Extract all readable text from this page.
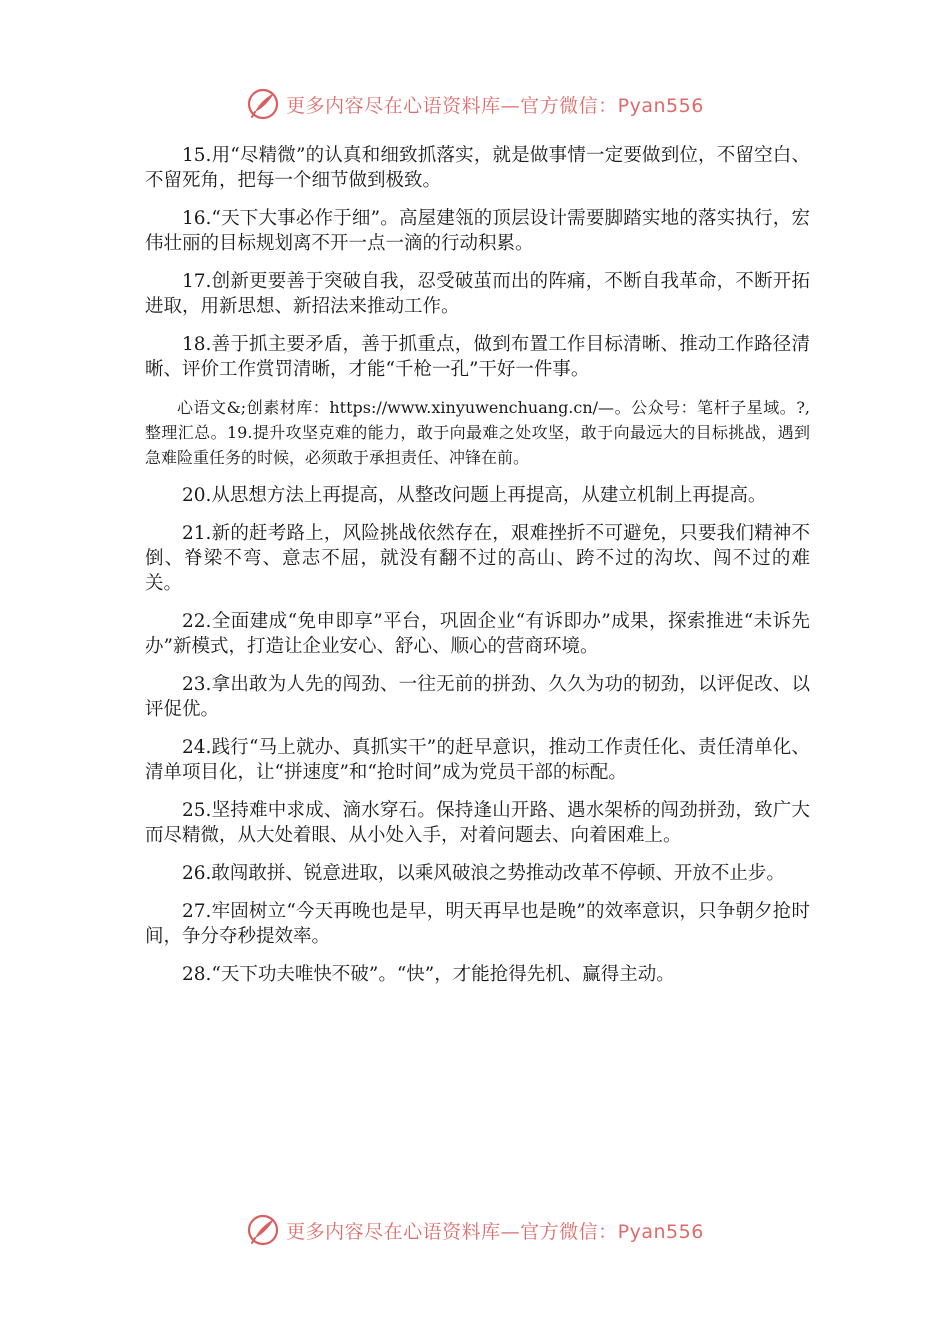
更多内容尽在心语资料库—官方微信：Pyan556

15.用“尽精微”的认真和细致抓落实，就是做事情一定要做到位，不留空白、不留死角，把每一个细节做到极致。

16.“天下大事必作于细”。高屋建瓴的顶层设计需要脚踏实地的落实执行，宏伟壮丽的目标规划离不开一点一滴的行动积累。

17.创新更要善于突破自我，忍受破茧而出的阵痛，不断自我革命，不断开拓进取，用新思想、新招法来推动工作。

18.善于抓主要矛盾，善于抓重点，做到布置工作目标清晰、推动工作路径清晰、评价工作赏罚清晰，才能“千枪一孔”干好一件事。

心语文&;创素材库：https://www.xinyuwenchuang.cn/—。公众号：笔杆子星域。?,整理汇总。19.提升攻坚克难的能力，敢于向最难之处攻坚，敢于向最远大的目标挑战，遇到急难险重任务的时候，必须敢于承担责任、冲锋在前。

20.从思想方法上再提高，从整改问题上再提高，从建立机制上再提高。

21.新的赶考路上，风险挑战依然存在，艰难挫折不可避免，只要我们精神不倒、脊梁不弯、意志不屈，就没有翻不过的高山、跨不过的沟坎、闯不过的难关。

22.全面建成“免申即享”平台，巩固企业“有诉即办”成果，探索推进“未诉先办”新模式，打造让企业安心、舒心、顺心的营商环境。

23.拿出敢为人先的闯劲、一往无前的拼劲、久久为功的韧劲，以评促改、以评促优。

24.践行“马上就办、真抓实干”的赶早意识，推动工作责任化、责任清单化、清单项目化，让“拼速度”和“抢时间”成为党员干部的标配。

25.坚持难中求成、滴水穿石。保持逢山开路、遇水架桥的闯劲拼劲，致广大而尽精微，从大处着眼、从小处入手，对着问题去、向着困难上。

26.敢闯敢拼、锐意进取，以乘风破浪之势推动改革不停顿、开放不止步。

27.牢固树立“今天再晚也是早，明天再早也是晚”的效率意识，只争朝夕抢时间，争分夺秒提效率。

28.“天下功夫唯快不破”。“快”，才能抢得先机、赢得主动。

更多内容尽在心语资料库—官方微信：Pyan556
